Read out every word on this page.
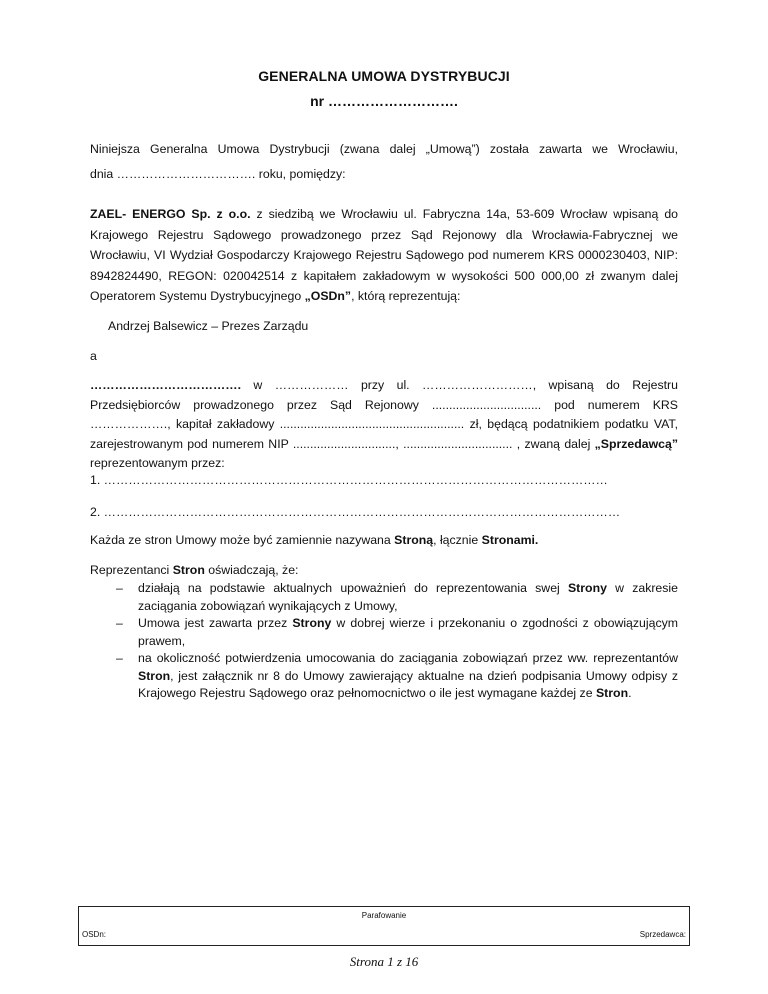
GENERALNA UMOWA DYSTRYBUCJI
nr ……………………….
Niniejsza Generalna Umowa Dystrybucji (zwana dalej „Umową”) została zawarta we Wrocławiu,
dnia ……………………………. roku, pomiędzy:
ZAEL- ENERGO Sp. z o.o. z siedzibą we Wrocławiu ul. Fabryczna 14a, 53-609 Wrocław wpisaną do Krajowego Rejestru Sądowego prowadzonego przez Sąd Rejonowy dla Wrocławia-Fabrycznej we Wrocławiu, VI Wydział Gospodarczy Krajowego Rejestru Sądowego pod numerem KRS 0000230403, NIP: 8942824490, REGON: 020042514 z kapitałem zakładowym w wysokości 500 000,00 zł zwanym dalej Operatorem Systemu Dystrybucyjnego „OSDn”, którą reprezentują:
Andrzej Balsewicz – Prezes Zarządu
a
………………………………. w ……………… przy ul. ………………………, wpisaną do Rejestru Przedsiębiorców prowadzonego przez Sąd Rejonowy ................................ pod numerem KRS ………………., kapitał zakładowy ...................................................... zł, będącą podatnikiem podatku VAT, zarejestrowanym pod numerem NIP .............................., ................................ , zwaną dalej „Sprzedawcą” reprezentowanym przez:
1. ……………………………………………………………………………………………………………
2. ………………………………………………………………………………………………………………
Każda ze stron Umowy może być zamiennie nazywana Stroną, łącznie Stronami.
Reprezentanci Stron oświadczają, że:
– działają na podstawie aktualnych upoważnień do reprezentowania swej Strony w zakresie zaciągania zobowiązań wynikających z Umowy,
– Umowa jest zawarta przez Strony w dobrej wierze i przekonaniu o zgodności z obowiązującym prawem,
– na okoliczność potwierdzenia umocowania do zaciągania zobowiązań przez ww. reprezentantów Stron, jest załącznik nr 8 do Umowy zawierający aktualne na dzień podpisania Umowy odpisy z Krajowego Rejestru Sądowego oraz pełnomocnictwo o ile jest wymagane każdej ze Stron.
Parafowanie
OSDn:	Sprzedawca:
Strona 1 z 16
